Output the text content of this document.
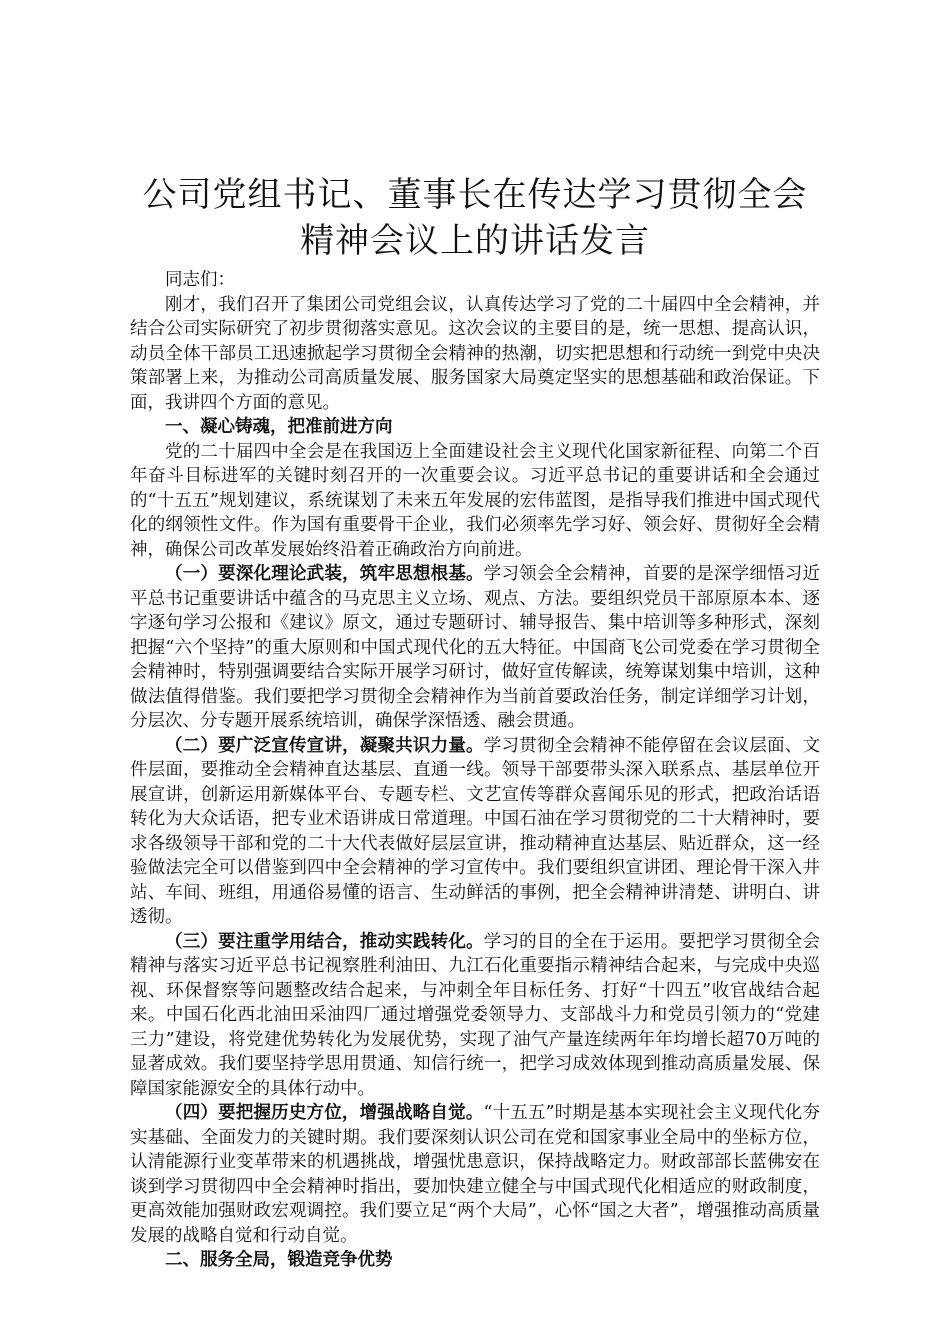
公司党组书记、董事长在传达学习贯彻全会精神会议上的讲话发言

同志们：

刚才，我们召开了集团公司党组会议，认真传达学习了党的二十届四中全会精神，并结合公司实际研究了初步贯彻落实意见。这次会议的主要目的是，统一思想、提高认识，动员全体干部员工迅速掀起学习贯彻全会精神的热潮，切实把思想和行动统一到党中央决策部署上来，为推动公司高质量发展、服务国家大局奠定坚实的思想基础和政治保证。下面，我讲四个方面的意见。

一、凝心铸魂，把准前进方向

党的二十届四中全会是在我国迈上全面建设社会主义现代化国家新征程、向第二个百年奋斗目标进军的关键时刻召开的一次重要会议。习近平总书记的重要讲话和全会通过的“十五五”规划建议，系统谋划了未来五年发展的宏伟蓝图，是指导我们推进中国式现代化的纲领性文件。作为国有重要骨干企业，我们必须率先学习好、领会好、贯彻好全会精神，确保公司改革发展始终沿着正确政治方向前进。

（一）要深化理论武装，筑牢思想根基。学习领会全会精神，首要的是深学细悟习近平总书记重要讲话中蕴含的马克思主义立场、观点、方法。要组织党员干部原原本本、逐字逐句学习公报和《建议》原文，通过专题研讨、辅导报告、集中培训等多种形式，深刻把握“六个坚持”的重大原则和中国式现代化的五大特征。中国商飞公司党委在学习贯彻全会精神时，特别强调要结合实际开展学习研讨，做好宣传解读，统筹谋划集中培训，这种做法值得借鉴。我们要把学习贯彻全会精神作为当前首要政治任务，制定详细学习计划，分层次、分专题开展系统培训，确保学深悟透、融会贯通。

（二）要广泛宣传宣讲，凝聚共识力量。学习贯彻全会精神不能停留在会议层面、文件层面，要推动全会精神直达基层、直通一线。领导干部要带头深入联系点、基层单位开展宣讲，创新运用新媒体平台、专题专栏、文艺宣传等群众喜闻乐见的形式，把政治话语转化为大众话语，把专业术语讲成日常道理。中国石油在学习贯彻党的二十大精神时，要求各级领导干部和党的二十大代表做好层层宣讲，推动精神直达基层、贴近群众，这一经验做法完全可以借鉴到四中全会精神的学习宣传中。我们要组织宣讲团、理论骨干深入井站、车间、班组，用通俗易懂的语言、生动鲜活的事例，把全会精神讲清楚、讲明白、讲透彻。

（三）要注重学用结合，推动实践转化。学习的目的全在于运用。要把学习贯彻全会精神与落实习近平总书记视察胜利油田、九江石化重要指示精神结合起来，与完成中央巡视、环保督察等问题整改结合起来，与冲刺全年目标任务、打好“十四五”收官战结合起来。中国石化西北油田采油四厂通过增强党委领导力、支部战斗力和党员引领力的“党建三力”建设，将党建优势转化为发展优势，实现了油气产量连续两年年均增长超70万吨的显著成效。我们要坚持学思用贯通、知信行统一，把学习成效体现到推动高质量发展、保障国家能源安全的具体行动中。

（四）要把握历史方位，增强战略自觉。“十五五”时期是基本实现社会主义现代化夯实基础、全面发力的关键时期。我们要深刻认识公司在党和国家事业全局中的坐标方位，认清能源行业变革带来的机遇挑战，增强忧患意识，保持战略定力。财政部部长蓝佛安在谈到学习贯彻四中全会精神时指出，要加快建立健全与中国式现代化相适应的财政制度，更高效能加强财政宏观调控。我们要立足“两个大局”，心怀“国之大者”，增强推动高质量发展的战略自觉和行动自觉。

二、服务全局，锻造竞争优势
